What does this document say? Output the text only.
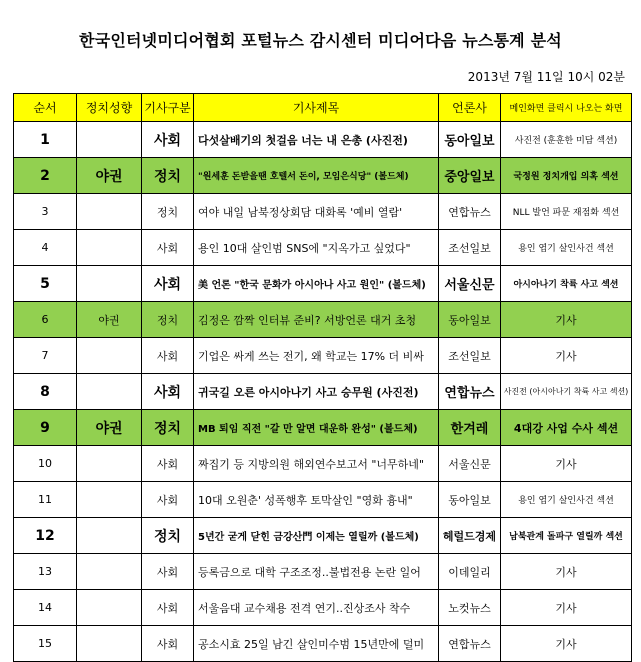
한국인터넷미디어협회 포털뉴스 감시센터 미디어다음 뉴스통계 분석
2013년 7월 11일 10시 02분
순서	정치성향	기사구분	기사제목	언론사	메인화면 클릭시 나오는 화면
1		사회	다섯살배기의 첫걸음 너는 내 은총 (사진전)	동아일보	사진전 (훈훈한 미담 섹션)
2	야권	정치	"원세훈 돈받을땐 호텔서 돈이, 모임은식당" (볼드체)	중앙일보	국정원 정치개입 의혹 섹션
3		정치	여야 내일 남북정상회담 대화록 '예비 열람'	연합뉴스	NLL 발언 파문 재점화 섹션
4		사회	용인 10대 살인범 SNS에 "지옥가고 싶었다"	조선일보	용인 엽기 살인사건 섹션
5		사회	美 언론 "한국 문화가 아시아나 사고 원인" (볼드체)	서울신문	아시아나기 착륙 사고 섹션
6	야권	정치	김정은 깜짝 인터뷰 준비? 서방언론 대거 초청	동아일보	기사
7		사회	기업은 싸게 쓰는 전기, 왜 학교는 17% 더 비싸	조선일보	기사
8		사회	귀국길 오른 아시아나기 사고 승무원 (사진전)	연합뉴스	사진전 (아시아나기 착륙 사고 섹션)
9	야권	정치	MB 퇴임 직전 "갈 만 알면 대운하 완성" (볼드체)	한겨레	4대강 사업 수사 섹션
10		사회	짜집기 등 지방의원 해외연수보고서 "너무하네"	서울신문	기사
11		사회	10대 오원춘' 성폭행후 토막살인 "영화 흉내"	동아일보	용인 엽기 살인사건 섹션
12		정치	5년간 굳게 닫힌 금강산門 이제는 열릴까 (볼드체)	헤럴드경제	남북관계 돌파구 열릴까 섹션
13		사회	등록금으로 대학 구조조정..불법전용 논란 일어	이데일리	기사
14		사회	서울음대 교수채용 전격 연기..진상조사 착수	노컷뉴스	기사
15		사회	공소시효 25일 남긴 살인미수범 15년만에 덜미	연합뉴스	기사
